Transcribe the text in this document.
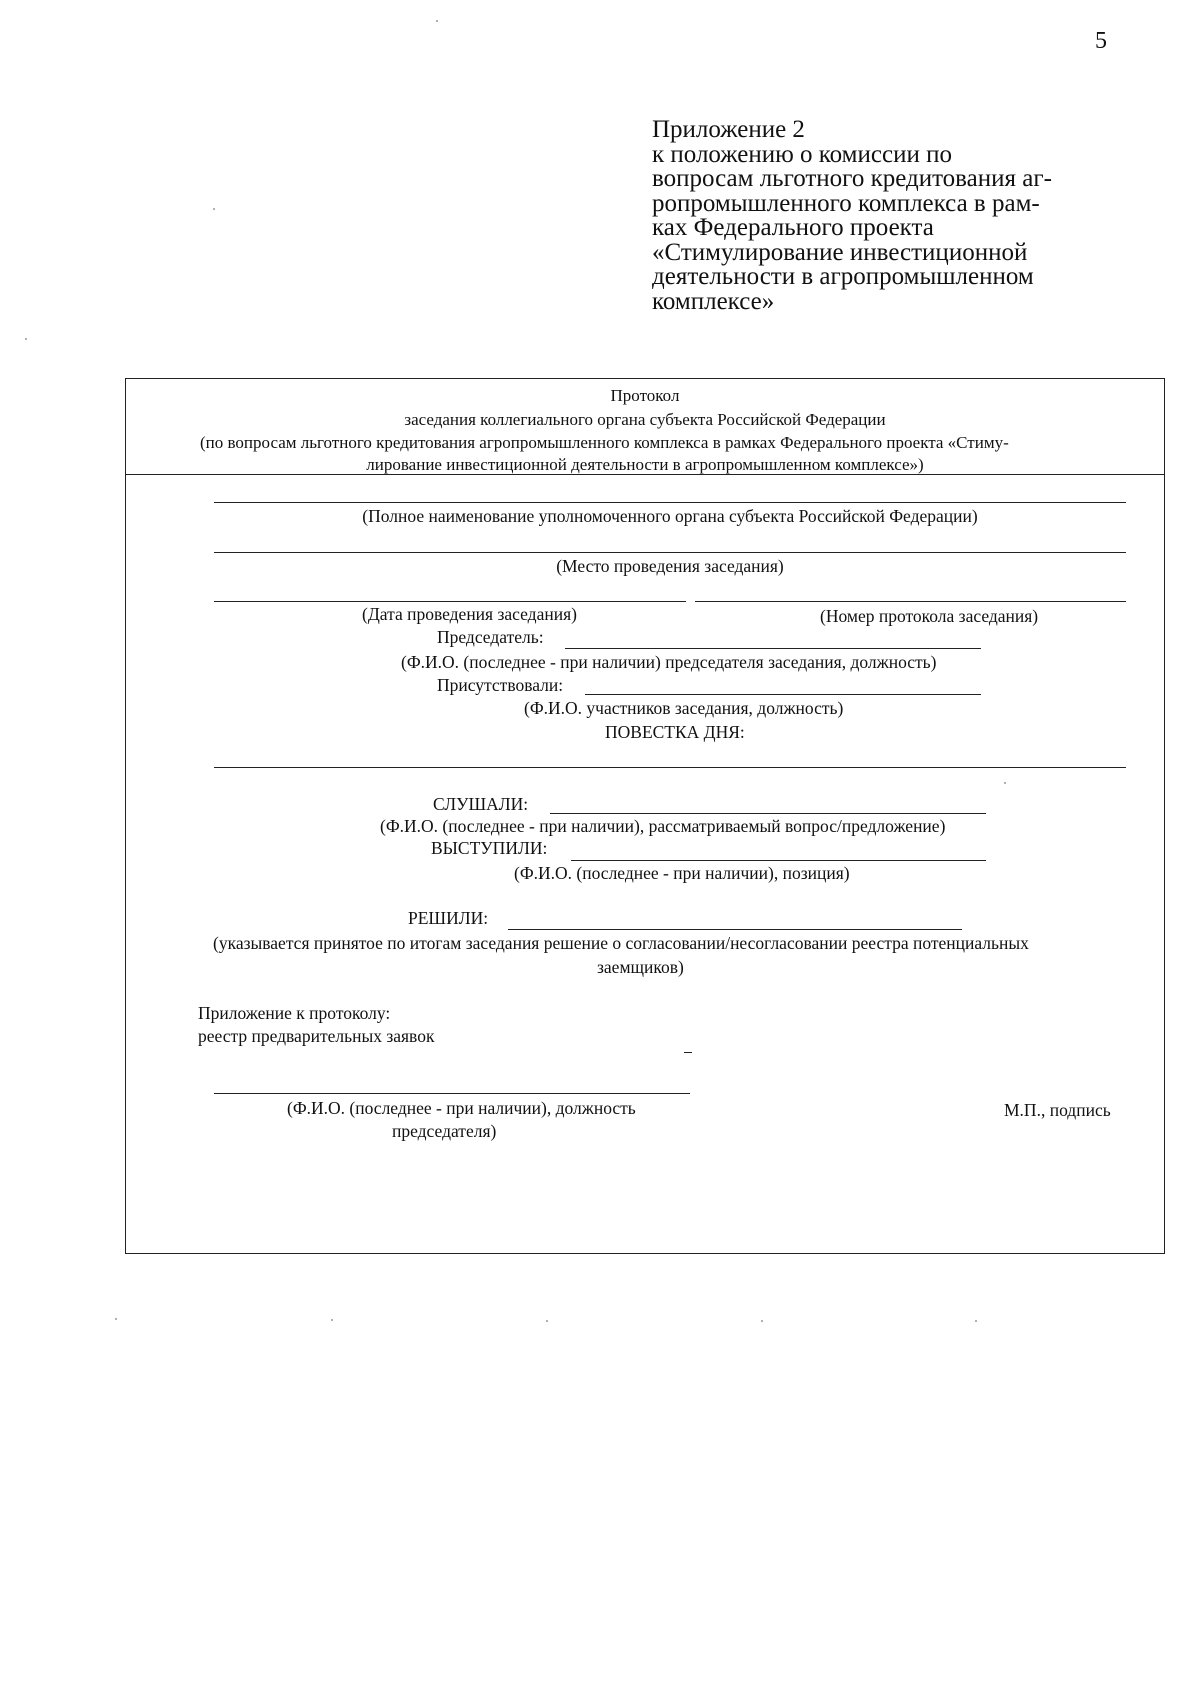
5
Приложение 2
к положению о комиссии по
вопросам льготного кредитования аг-
ропромышленного комплекса в рам-
ках Федерального проекта
«Стимулирование инвестиционной
деятельности в агропромышленном
комплексе»
Протокол
заседания коллегиального органа субъекта Российской Федерации
(по вопросам льготного кредитования агропромышленного комплекса в рамках Федерального проекта «Стиму-
лирование инвестиционной деятельности в агропромышленном комплексе»)
(Полное наименование уполномоченного органа субъекта Российской Федерации)
(Место проведения заседания)
(Дата проведения заседания)	(Номер протокола заседания)
Председатель:
(Ф.И.О. (последнее - при наличии) председателя заседания, должность)
Присутствовали:
(Ф.И.О. участников заседания, должность)
ПОВЕСТКА ДНЯ:
СЛУШАЛИ:
(Ф.И.О. (последнее - при наличии), рассматриваемый вопрос/предложение)
ВЫСТУПИЛИ:
(Ф.И.О. (последнее - при наличии), позиция)
РЕШИЛИ:
(указывается принятое по итогам заседания решение о согласовании/несогласовании реестра потенциальных
заемщиков)
Приложение к протоколу:
реестр предварительных заявок
(Ф.И.О. (последнее - при наличии), должность
председателя)
М.П., подпись
